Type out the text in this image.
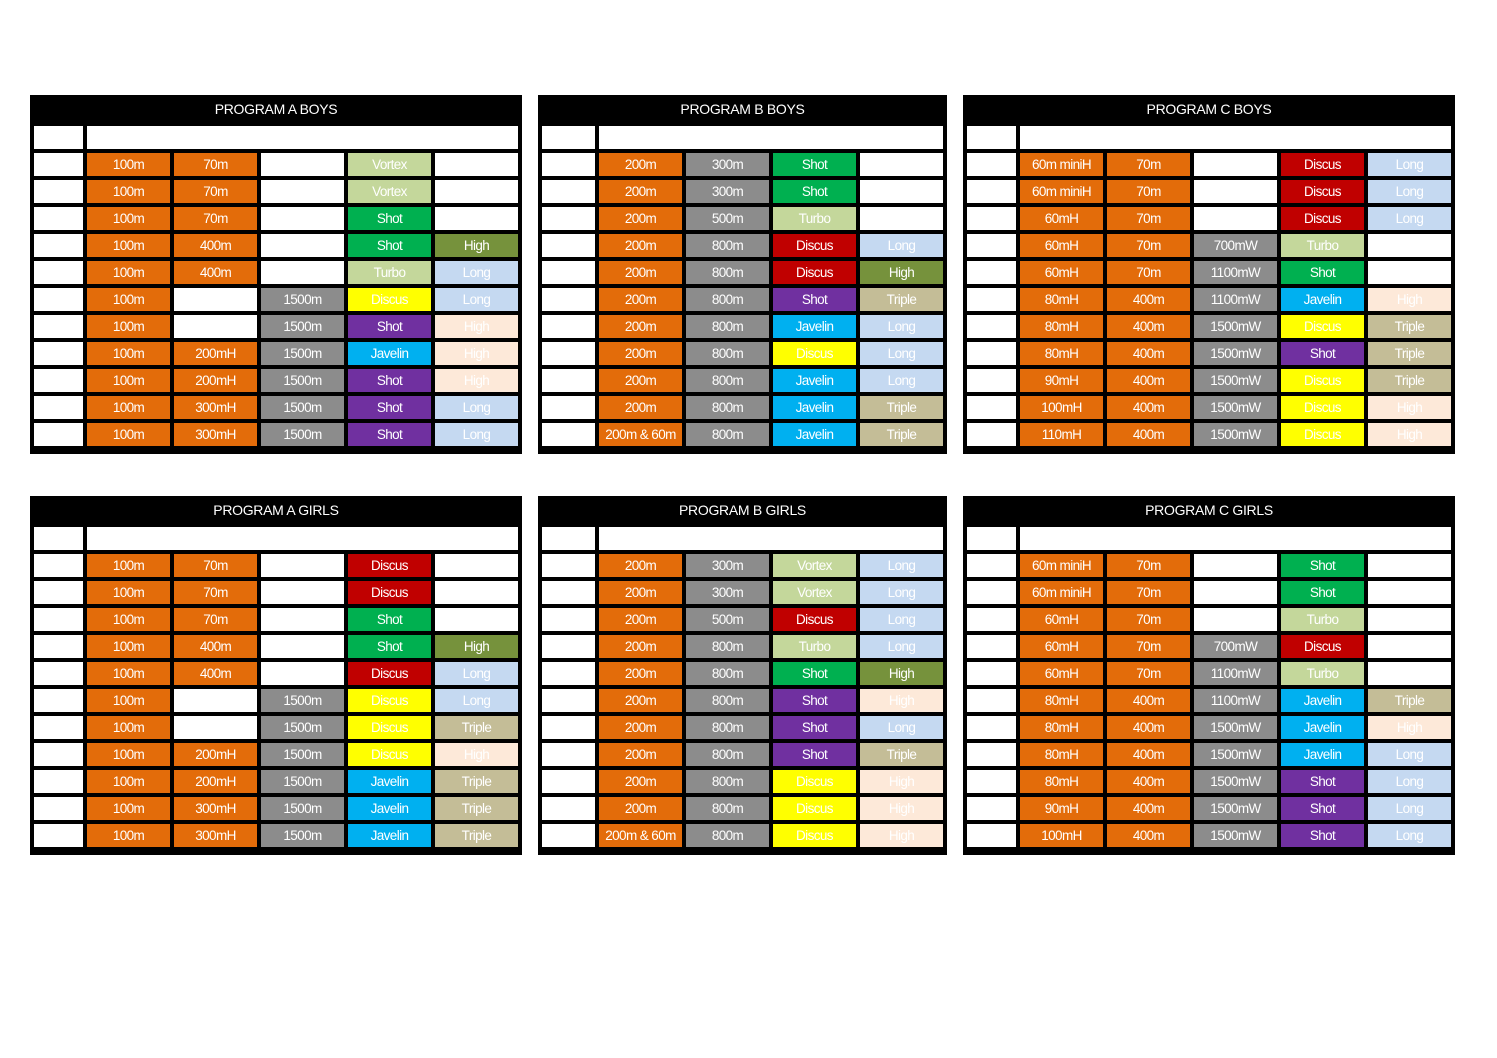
PROGRAM A BOYS
AGE	EVENTS				
U7	100m	70m		Vortex	
U8	100m	70m		Vortex	
U9	100m	70m		Shot	
U10	100m	400m		Shot	High
U11	100m	400m		Turbo	Long
U12	100m		1500m	Discus	Long
U13	100m		1500m	Shot	High
U14	100m	200mH	1500m	Javelin	High
U15	100m	200mH	1500m	Shot	High
U16	100m	300mH	1500m	Shot	Long
U17-18	100m	300mH	1500m	Shot	Long
PROGRAM B BOYS
AGE	EVENTS			
U7	200m	300m	Shot	
U8	200m	300m	Shot	
U9	200m	500m	Turbo	
U10	200m	800m	Discus	Long
U11	200m	800m	Discus	High
U12	200m	800m	Shot	Triple
U13	200m	800m	Javelin	Long
U14	200m	800m	Discus	Long
U15	200m	800m	Javelin	Long
U16	200m	800m	Javelin	Triple
U17-18	200m & 60m	800m	Javelin	Triple
PROGRAM C BOYS
AGE	EVENTS				
U7	60m miniH	70m		Discus	Long
U8	60m miniH	70m		Discus	Long
U9	60mH	70m		Discus	Long
U10	60mH	70m	700mW	Turbo	
U11	60mH	70m	1100mW	Shot	
U12	80mH	400m	1100mW	Javelin	High
U13	80mH	400m	1500mW	Discus	Triple
U14	80mH	400m	1500mW	Shot	Triple
U15	90mH	400m	1500mW	Discus	Triple
U16	100mH	400m	1500mW	Discus	High
U17-18	110mH	400m	1500mW	Discus	High
PROGRAM A GIRLS
AGE	EVENTS				
U7	100m	70m		Discus	
U8	100m	70m		Discus	
U9	100m	70m		Shot	
U10	100m	400m		Shot	High
U11	100m	400m		Discus	Long
U12	100m		1500m	Discus	Long
U13	100m		1500m	Discus	Triple
U14	100m	200mH	1500m	Discus	High
U15	100m	200mH	1500m	Javelin	Triple
U16	100m	300mH	1500m	Javelin	Triple
U17-18	100m	300mH	1500m	Javelin	Triple
PROGRAM B GIRLS
AGE	EVENTS			
U7	200m	300m	Vortex	Long
U8	200m	300m	Vortex	Long
U9	200m	500m	Discus	Long
U10	200m	800m	Turbo	Long
U11	200m	800m	Shot	High
U12	200m	800m	Shot	High
U13	200m	800m	Shot	Long
U14	200m	800m	Shot	Triple
U15	200m	800m	Discus	High
U16	200m	800m	Discus	High
U17-18	200m & 60m	800m	Discus	High
PROGRAM C GIRLS
AGE	EVENTS				
U7	60m miniH	70m		Shot	
U8	60m miniH	70m		Shot	
U9	60mH	70m		Turbo	
U10	60mH	70m	700mW	Discus	
U11	60mH	70m	1100mW	Turbo	
U12	80mH	400m	1100mW	Javelin	Triple
U13	80mH	400m	1500mW	Javelin	High
U14	80mH	400m	1500mW	Javelin	Long
U15	80mH	400m	1500mW	Shot	Long
U16	90mH	400m	1500mW	Shot	Long
U17-18	100mH	400m	1500mW	Shot	Long
